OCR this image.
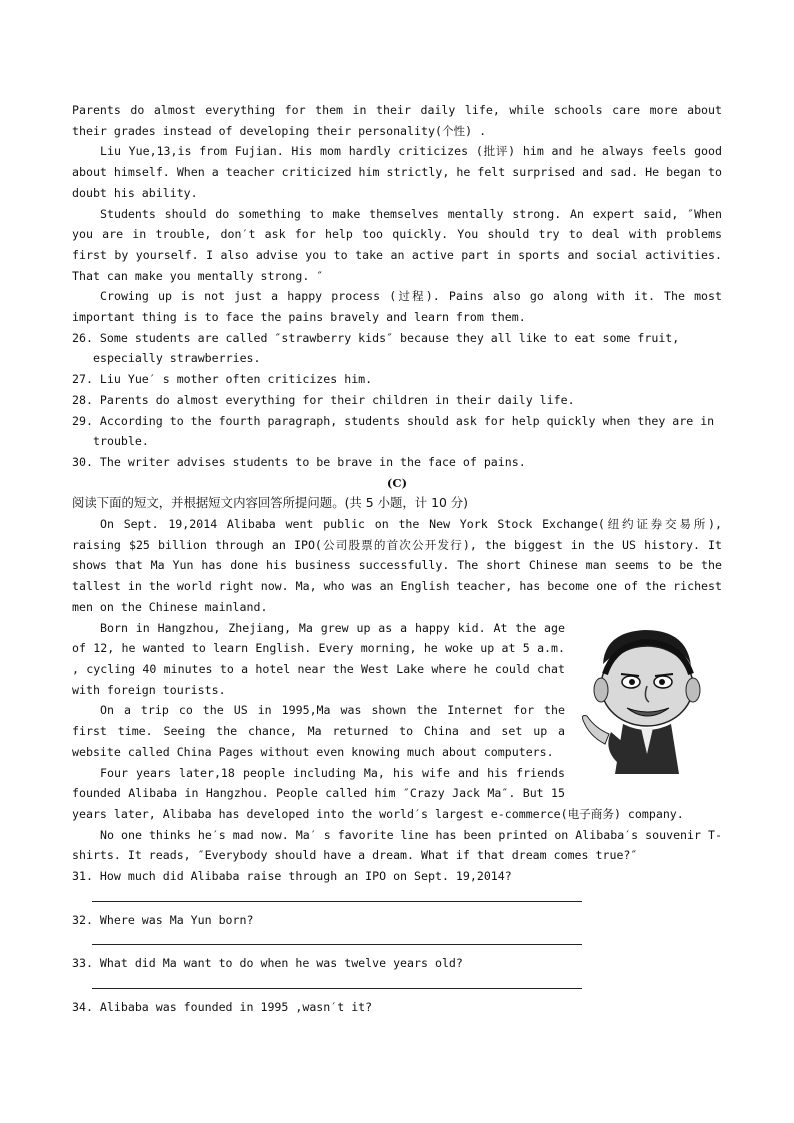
Parents do almost everything for them in their daily life, while schools care more about their grades instead of developing their personality(个性) .

Liu Yue,13,is from Fujian. His mom hardly criticizes (批评) him and he always feels good about himself. When a teacher criticized him strictly, he felt surprised and sad. He began to doubt his ability.

Students should do something to make themselves mentally strong. An expert said, ″When you are in trouble, don′t ask for help too quickly. You should try to deal with problems first by yourself. I also advise you to take an active part in sports and social activities. That can make you mentally strong. ″

Crowing up is not just a happy process (过程). Pains also go along with it. The most important thing is to face the pains bravely and learn from them.

26. Some students are called ″strawberry kids″ because they all like to eat some fruit, especially strawberries.

27. Liu Yue′ s mother often criticizes him.

28. Parents do almost everything for their children in their daily life.

29. According to the fourth paragraph, students should ask for help quickly when they are in trouble.

30. The writer advises students to be brave in the face of pains.

(C)

阅读下面的短文，并根据短文内容回答所提问题。(共 5 小题，计 10 分)

On Sept. 19,2014 Alibaba went public on the New York Stock Exchange(纽约证券交易所), raising $25 billion through an IPO(公司股票的首次公开发行), the biggest in the US history. It shows that Ma Yun has done his business successfully. The short Chinese man seems to be the tallest in the world right now. Ma, who was an English teacher, has become one of the richest men on the Chinese mainland.

Born in Hangzhou, Zhejiang, Ma grew up as a happy kid. At the age of 12, he wanted to learn English. Every morning, he woke up at 5 a.m. , cycling 40 minutes to a hotel near the West Lake where he could chat with foreign tourists.

On a trip co the US in 1995,Ma was shown the Internet for the first time. Seeing the chance, Ma returned to China and set up a website called China Pages without even knowing much about computers.

Four years later,18 people including Ma, his wife and his friends founded Alibaba in Hangzhou. People called him ″Crazy Jack Ma″. But 15 years later, Alibaba has developed into the world′s largest e-commerce(电子商务) company.

No one thinks he′s mad now. Ma′ s favorite line has been printed on Alibaba′s souvenir T-shirts. It reads, ″Everybody should have a dream. What if that dream comes true?″

31. How much did Alibaba raise through an IPO on Sept. 19,2014?

32. Where was Ma Yun born?

33. What did Ma want to do when he was twelve years old?

34. Alibaba was founded in 1995 ,wasn′t it?
